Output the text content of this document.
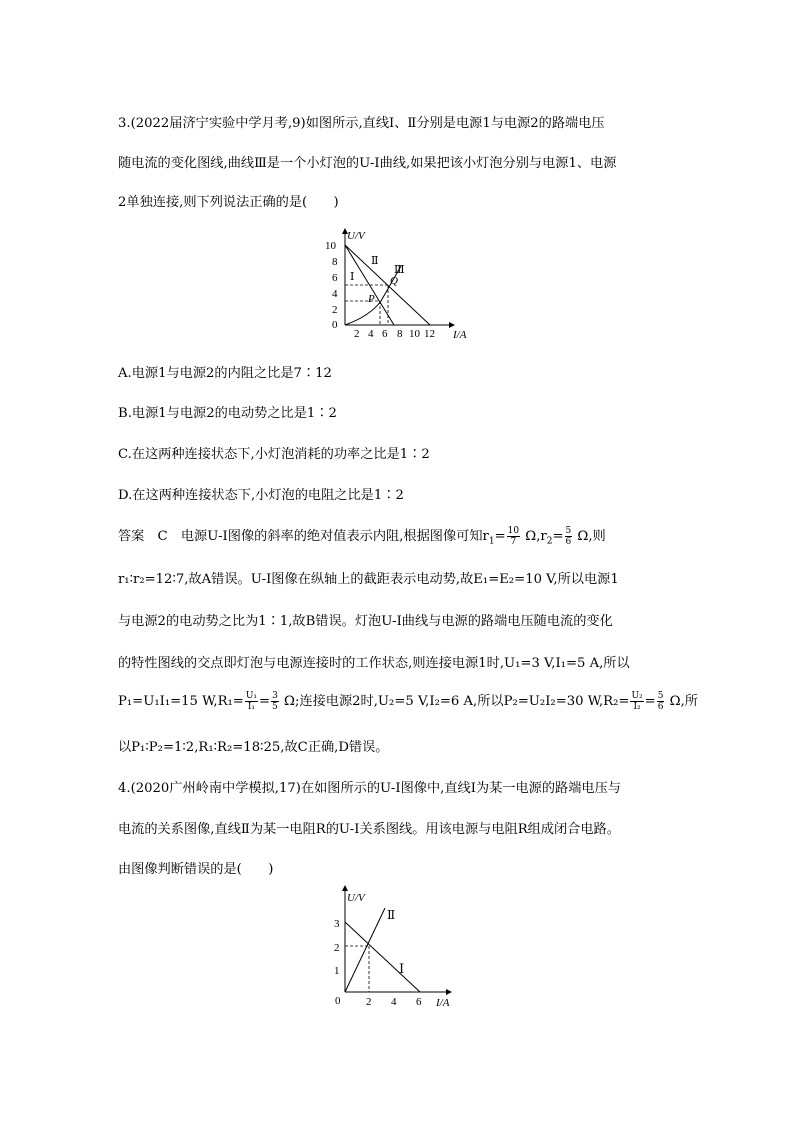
3.(2022届济宁实验中学月考,9)如图所示,直线Ⅰ、Ⅱ分别是电源1与电源2的路端电压
随电流的变化图线,曲线Ⅲ是一个小灯泡的U-I曲线,如果把该小灯泡分别与电源1、电源
2单独连接,则下列说法正确的是(　　)
U/V
I/A
10
8
6
4
2
0
2 4 6 8 10 12
Ⅰ
Ⅱ
Ⅲ
P
Q
A.电源1与电源2的内阻之比是7∶12
B.电源1与电源2的电动势之比是1∶2
C.在这两种连接状态下,小灯泡消耗的功率之比是1∶2
D.在这两种连接状态下,小灯泡的电阻之比是1∶2
答案　C　电源U-I图像的斜率的绝对值表示内阻,根据图像可知$r_1= \frac{10}{7} \Omega,r_2= \frac{5}{6} \Omega$,则
r₁∶r₂=12∶7,故A错误。U-I图像在纵轴上的截距表示电动势,故E₁=E₂=10 V,所以电源1
与电源2的电动势之比为1∶1,故B错误。灯泡U-I曲线与电源的路端电压随电流的变化
的特性图线的交点即灯泡与电源连接时的工作状态,则连接电源1时,U₁=3 V,I₁=5 A,所以
P₁=U₁I₁=15 $W,R_1= \frac{\text{U₁}}{\text{I₁}} = \frac{3}{5} \Omega$;连接电源2时,U₂=5 V,I₂=6 A,所以P₂=U₂I₂=30 $W,R_2= \frac{\text{U₂}}{\text{I₂}} = \frac{5}{6} \Omega$,所
以P₁∶P₂=1∶2,R₁∶R₂=18∶25,故C正确,D错误。
4.(2020广州岭南中学模拟,17)在如图所示的U-I图像中,直线Ⅰ为某一电源的路端电压与
电流的关系图像,直线Ⅱ为某一电阻R的U-I关系图线。用该电源与电阻R组成闭合电路。
由图像判断错误的是(　　)
U/V
I/A
3
2
1
0 2 4 6
Ⅱ
Ⅰ
